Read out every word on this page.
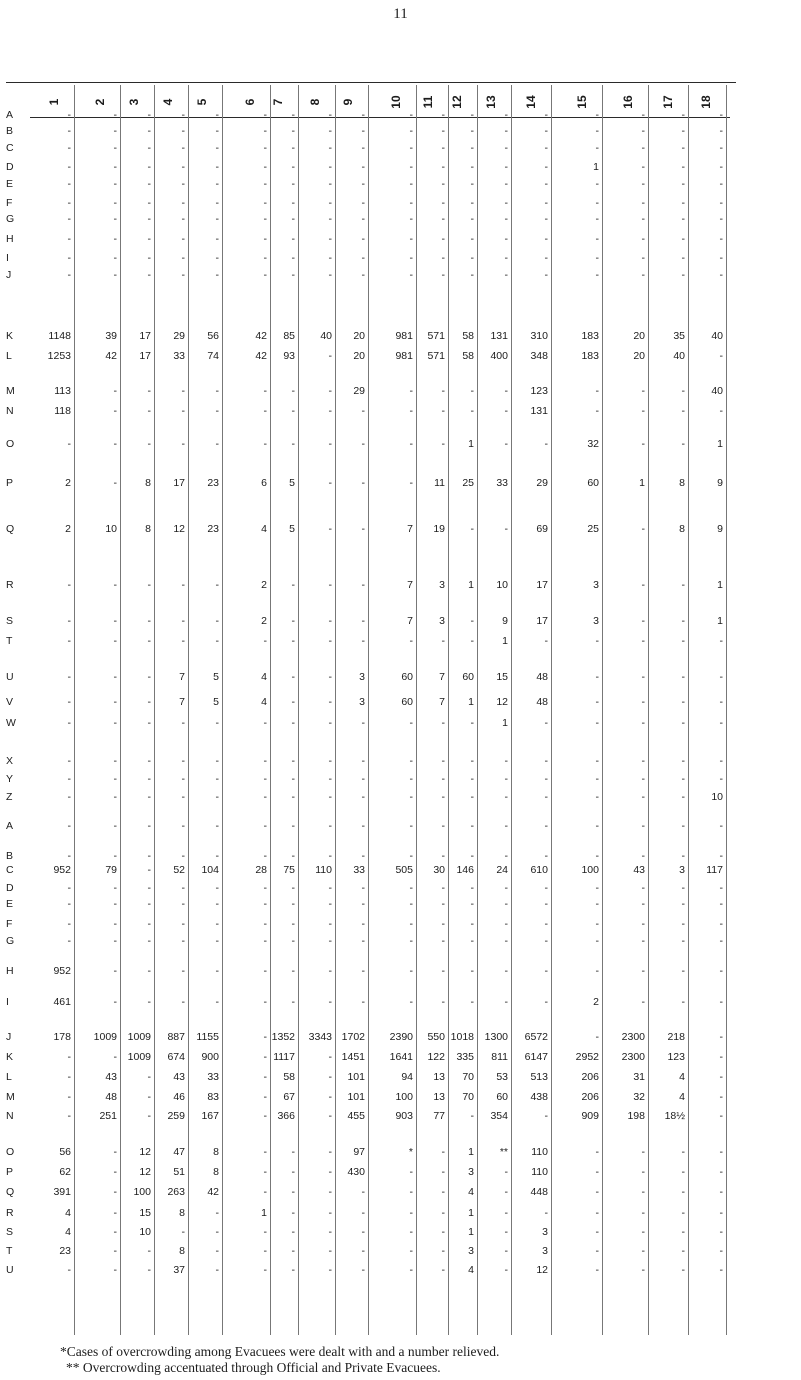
11
1	2	3	4	5	6	7	8	9	10	11	12	13	14	15	16	17	18
A	-	-	-	-	-	-	-	-	-	-	-	-	-	-	-	-	-	-
B	-	-	-	-	-	-	-	-	-	-	-	-	-	-	-	-	-	-
C	-	-	-	-	-	-	-	-	-	-	-	-	-	-	-	-	-	-
D	-	-	-	-	-	-	-	-	-	-	-	-	-	-	1	-	-	-
E	-	-	-	-	-	-	-	-	-	-	-	-	-	-	-	-	-	-
F	-	-	-	-	-	-	-	-	-	-	-	-	-	-	-	-	-	-
G	-	-	-	-	-	-	-	-	-	-	-	-	-	-	-	-	-	-
H	-	-	-	-	-	-	-	-	-	-	-	-	-	-	-	-	-	-
I	-	-	-	-	-	-	-	-	-	-	-	-	-	-	-	-	-	-
J	-	-	-	-	-	-	-	-	-	-	-	-	-	-	-	-	-	-
K	1148	39	17	29	56	42	85	40	20	981	571	58	131	310	183	20	35	40
L	1253	42	17	33	74	42	93	-	20	981	571	58	400	348	183	20	40	-
M	113	-	-	-	-	-	-	-	29	-	-	-	-	123	-	-	-	40
N	118	-	-	-	-	-	-	-	-	-	-	-	-	131	-	-	-	-
O	-	-	-	-	-	-	-	-	-	-	-	1	-	-	32	-	-	1
P	2	-	8	17	23	6	5	-	-	-	11	25	33	29	60	1	8	9
Q	2	10	8	12	23	4	5	-	-	7	19	-	-	69	25	-	8	9
R	-	-	-	-	-	2	-	-	-	7	3	1	10	17	3	-	-	1
S	-	-	-	-	-	2	-	-	-	7	3	-	9	17	3	-	-	1
T	-	-	-	-	-	-	-	-	-	-	-	-	1	-	-	-	-	-
U	-	-	-	7	5	4	-	-	3	60	7	60	15	48	-	-	-	-
V	-	-	-	7	5	4	-	-	3	60	7	1	12	48	-	-	-	-
W	-	-	-	-	-	-	-	-	-	-	-	-	1	-	-	-	-	-
X	-	-	-	-	-	-	-	-	-	-	-	-	-	-	-	-	-	-
Y	-	-	-	-	-	-	-	-	-	-	-	-	-	-	-	-	-	-
Z	-	-	-	-	-	-	-	-	-	-	-	-	-	-	-	-	-	10
A	-	-	-	-	-	-	-	-	-	-	-	-	-	-	-	-	-	-
B	-	-	-	-	-	-	-	-	-	-	-	-	-	-	-	-	-	-
C	952	79	-	52	104	28	75	110	33	505	30	146	24	610	100	43	3	117
D	-	-	-	-	-	-	-	-	-	-	-	-	-	-	-	-	-	-
E	-	-	-	-	-	-	-	-	-	-	-	-	-	-	-	-	-	-
F	-	-	-	-	-	-	-	-	-	-	-	-	-	-	-	-	-	-
G	-	-	-	-	-	-	-	-	-	-	-	-	-	-	-	-	-	-
H	952	-	-	-	-	-	-	-	-	-	-	-	-	-	-	-	-	-
I	461	-	-	-	-	-	-	-	-	-	-	-	-	-	2	-	-	-
J	178	1009	1009	887	1155	- 1352	3343 1702	2390	550 1018	1300	6572	-	2300	218	-
K	-	-	1009	674	900	- 1117	- 1451	1641	122	335	811	6147	2952	2300	123	-
L	-	43	-	43	33	-	58	-	101	94	13	70	53	513	206	31	4	-
M	-	48	-	46	83	-	67	-	101	100	13	70	60	438	206	32	4	-
N	-	251	-	259	167	- 366	-	455	903	77	-	354	-	909	198	18½	-
O	56	-	12	47	8	-	-	-	97	*	-	1	**	110	-	-	-	-
P	62	-	12	51	8	-	-	-	430	-	-	3	-	110	-	-	-	-
Q	391	-	100	263	42	-	-	-	-	-	-	4	-	448	-	-	-	-
R	4	-	15	8	-	1	-	-	-	-	-	1	-	-	-	-	-	-
S	4	-	10	-	-	-	-	-	-	-	-	1	-	3	-	-	-	-
T	23	-	-	8	-	-	-	-	-	-	-	3	-	3	-	-	-	-
U	-	-	-	37	-	-	-	-	-	-	-	4	-	12	-	-	-	-
*Cases of overcrowding among Evacuees were dealt with and a number relieved.
** Overcrowding accentuated through Official and Private Evacuees.
